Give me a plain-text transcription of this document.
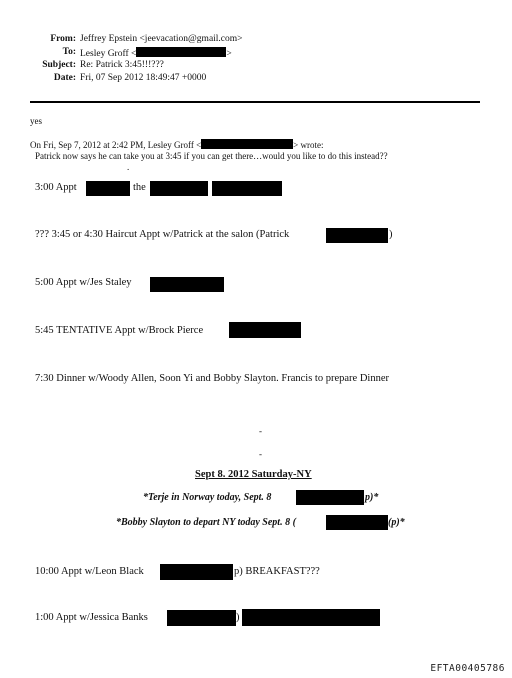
From: Jeffrey Epstein <jeevacation@gmail.com>
To: Lesley Groff <	>
Subject: Re: Patrick 3:45!!!???
Date: Fri, 07 Sep 2012 18:49:47 +0000
yes
On Fri, Sep 7, 2012 at 2:42 PM, Lesley Groff <	> wrote:
Patrick now says he can take you at 3:45 if you can get there…would you like to do this instead??
.
3:00 Appt	the
??? 3:45 or 4:30 Haircut Appt w/Patrick at the salon (Patrick	)
5:00 Appt w/Jes Staley
5:45 TENTATIVE Appt w/Brock Pierce
7:30 Dinner w/Woody Allen, Soon Yi and Bobby Slayton. Francis to prepare Dinner
-
-
Sept 8. 2012 Saturday-NY
*Terje in Norway today, Sept. 8	p)*
*Bobby Slayton to depart NY today Sept. 8 (	(p)*
10:00 Appt w/Leon Black	p) BREAKFAST???
1:00 Appt w/Jessica Banks	)
EFTA00405786
